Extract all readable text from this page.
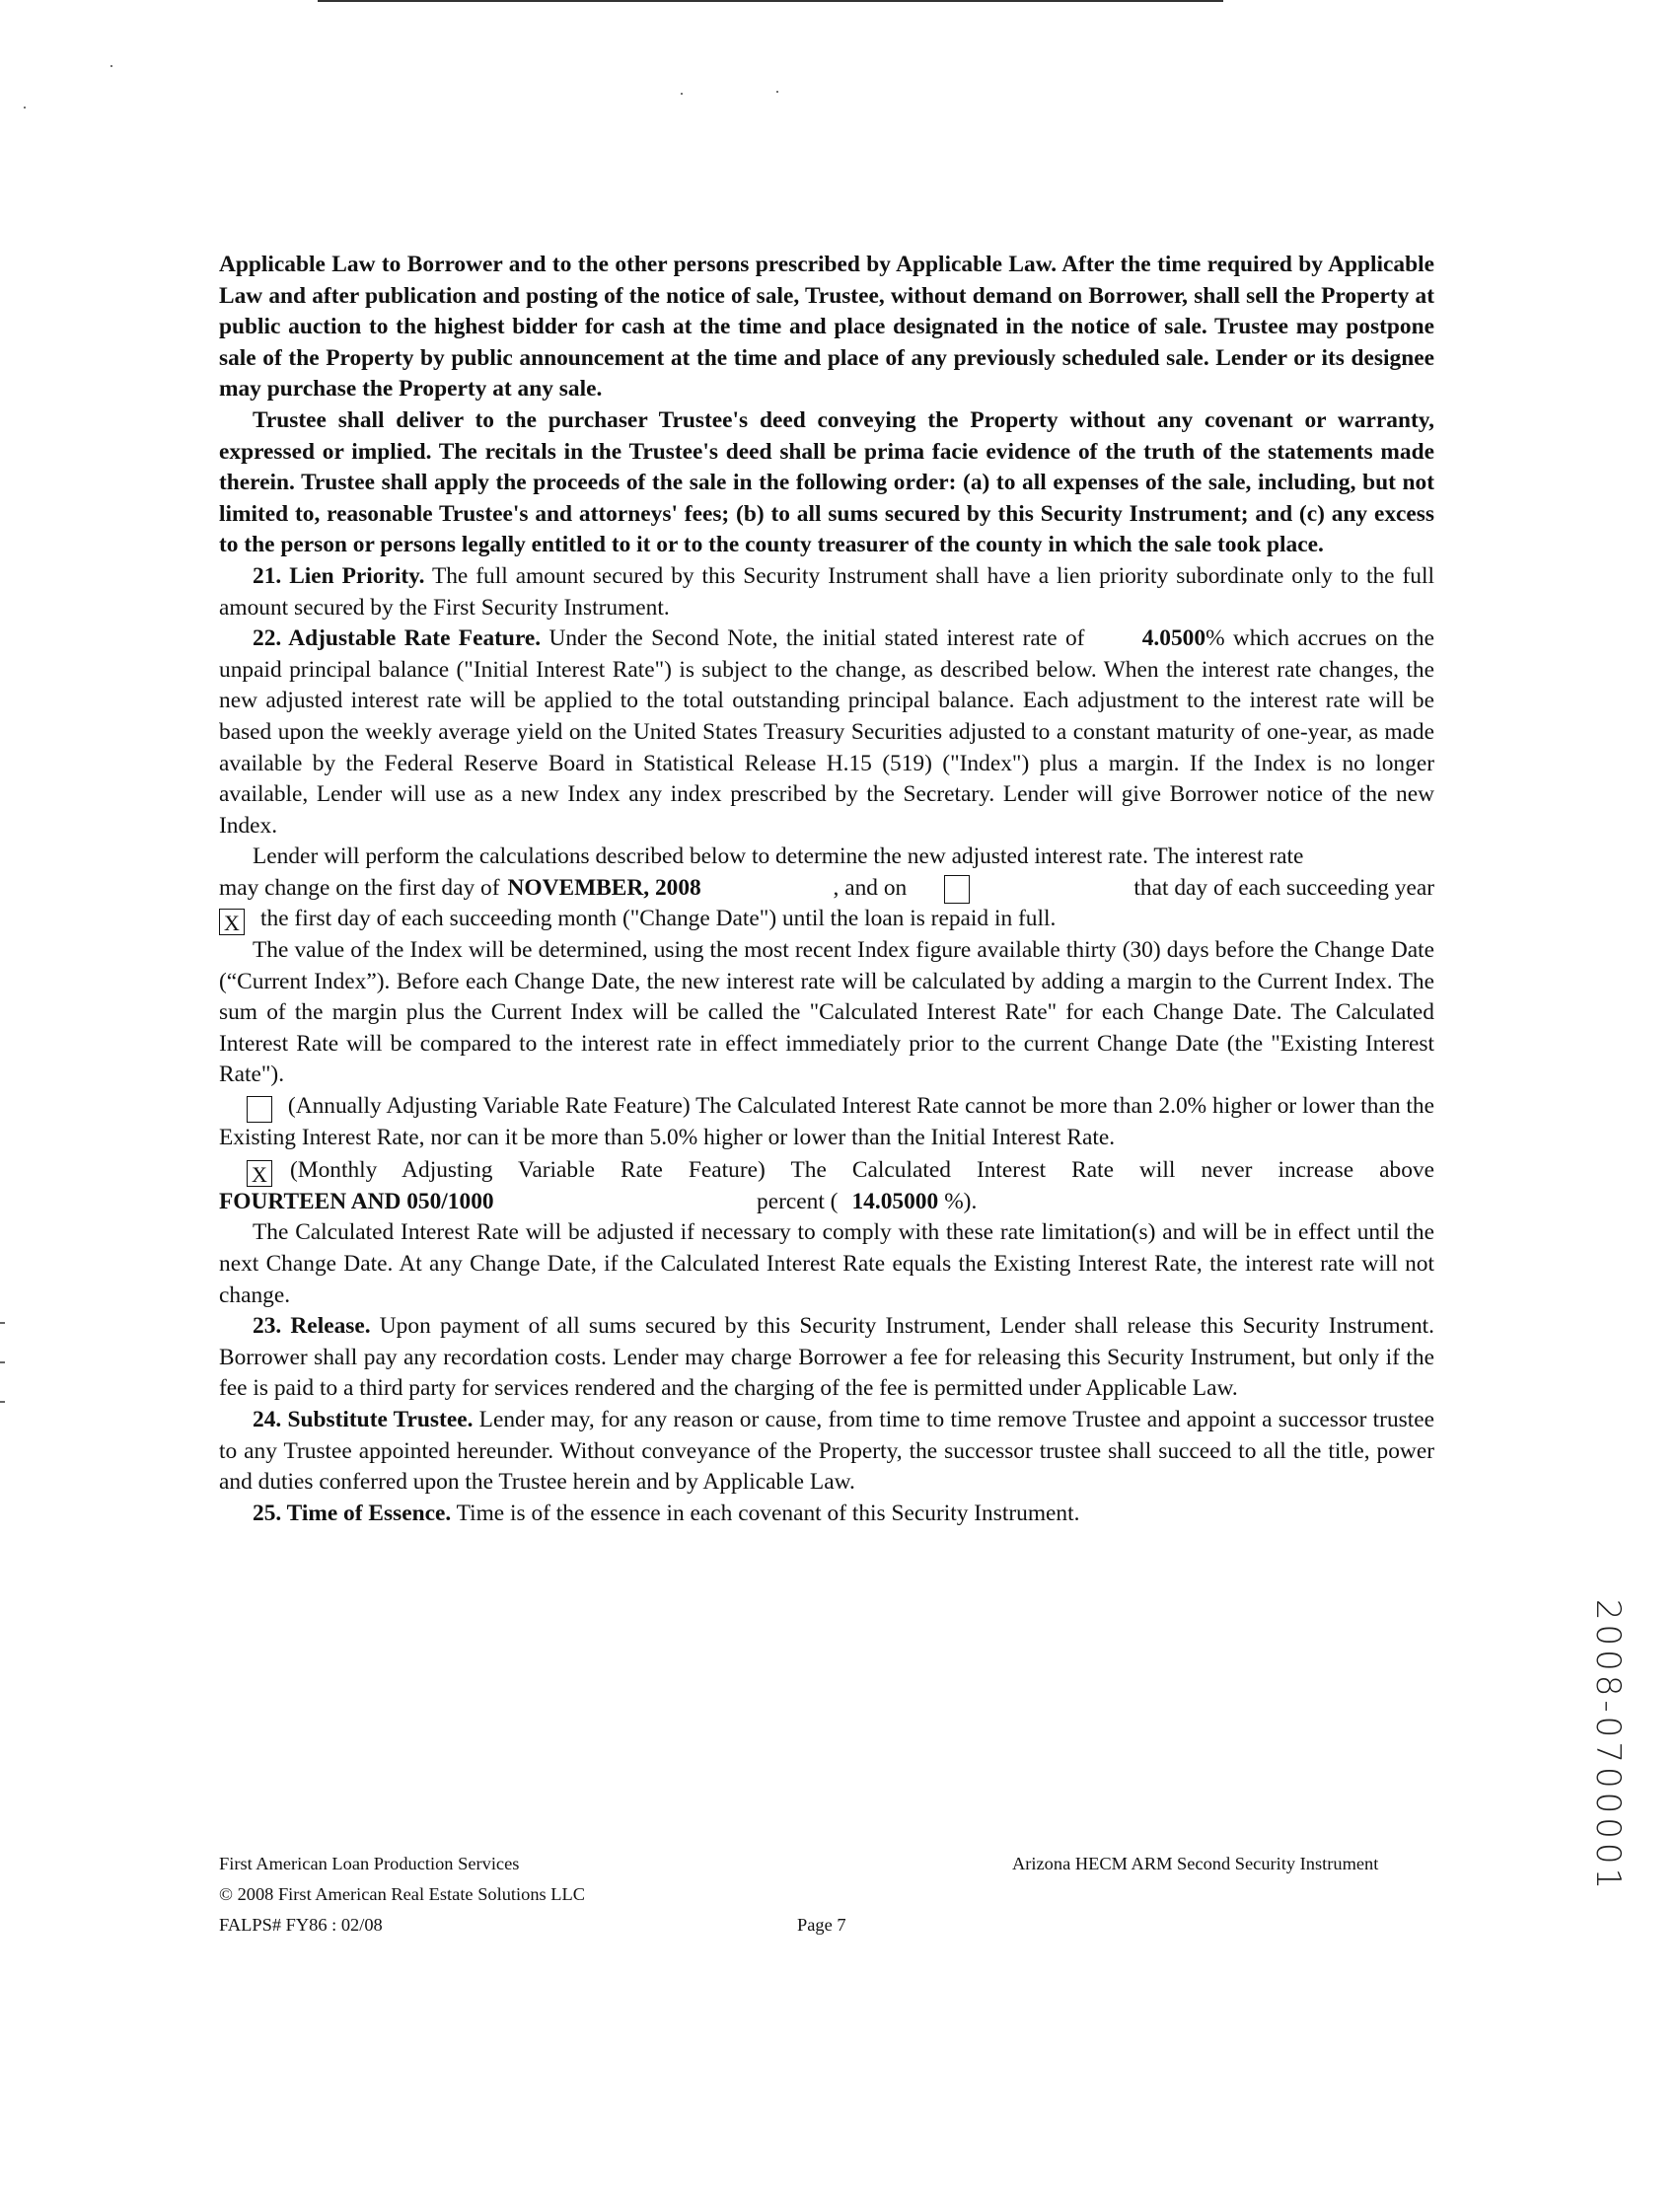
Applicable Law to Borrower and to the other persons prescribed by Applicable Law. After the time required by Applicable Law and after publication and posting of the notice of sale, Trustee, without demand on Borrower, shall sell the Property at public auction to the highest bidder for cash at the time and place designated in the notice of sale. Trustee may postpone sale of the Property by public announcement at the time and place of any previously scheduled sale. Lender or its designee may purchase the Property at any sale.

Trustee shall deliver to the purchaser Trustee's deed conveying the Property without any covenant or warranty, expressed or implied. The recitals in the Trustee's deed shall be prima facie evidence of the truth of the statements made therein. Trustee shall apply the proceeds of the sale in the following order: (a) to all expenses of the sale, including, but not limited to, reasonable Trustee's and attorneys' fees; (b) to all sums secured by this Security Instrument; and (c) any excess to the person or persons legally entitled to it or to the county treasurer of the county in which the sale took place.

21. Lien Priority. The full amount secured by this Security Instrument shall have a lien priority subordinate only to the full amount secured by the First Security Instrument.

22. Adjustable Rate Feature. Under the Second Note, the initial stated interest rate of 4.0500% which accrues on the unpaid principal balance ("Initial Interest Rate") is subject to the change, as described below. When the interest rate changes, the new adjusted interest rate will be applied to the total outstanding principal balance. Each adjustment to the interest rate will be based upon the weekly average yield on the United States Treasury Securities adjusted to a constant maturity of one-year, as made available by the Federal Reserve Board in Statistical Release H.15 (519) ("Index") plus a margin. If the Index is no longer available, Lender will use as a new Index any index prescribed by the Secretary. Lender will give Borrower notice of the new Index.

Lender will perform the calculations described below to determine the new adjusted interest rate. The interest rate

may change on the first day of NOVEMBER, 2008	, and on	that day of each succeeding year
X the first day of each succeeding month ("Change Date") until the loan is repaid in full.

The value of the Index will be determined, using the most recent Index figure available thirty (30) days before the Change Date (“Current Index”). Before each Change Date, the new interest rate will be calculated by adding a margin to the Current Index. The sum of the margin plus the Current Index will be called the "Calculated Interest Rate" for each Change Date. The Calculated Interest Rate will be compared to the interest rate in effect immediately prior to the current Change Date (the "Existing Interest Rate").

(Annually Adjusting Variable Rate Feature) The Calculated Interest Rate cannot be more than 2.0% higher or lower than the Existing Interest Rate, nor can it be more than 5.0% higher or lower than the Initial Interest Rate.

X (Monthly Adjusting Variable Rate Feature) The Calculated Interest Rate will never increase above
FOURTEEN AND 050/1000	percent ( 14.05000 %).

The Calculated Interest Rate will be adjusted if necessary to comply with these rate limitation(s) and will be in effect until the next Change Date. At any Change Date, if the Calculated Interest Rate equals the Existing Interest Rate, the interest rate will not change.

23. Release. Upon payment of all sums secured by this Security Instrument, Lender shall release this Security Instrument. Borrower shall pay any recordation costs. Lender may charge Borrower a fee for releasing this Security Instrument, but only if the fee is paid to a third party for services rendered and the charging of the fee is permitted under Applicable Law.

24. Substitute Trustee. Lender may, for any reason or cause, from time to time remove Trustee and appoint a successor trustee to any Trustee appointed hereunder. Without conveyance of the Property, the successor trustee shall succeed to all the title, power and duties conferred upon the Trustee herein and by Applicable Law.

25. Time of Essence. Time is of the essence in each covenant of this Security Instrument.

First American Loan Production Services
© 2008 First American Real Estate Solutions LLC
FALPS# FY86 : 02/08	Page 7
Arizona HECM ARM Second Security Instrument	2008-0700001
